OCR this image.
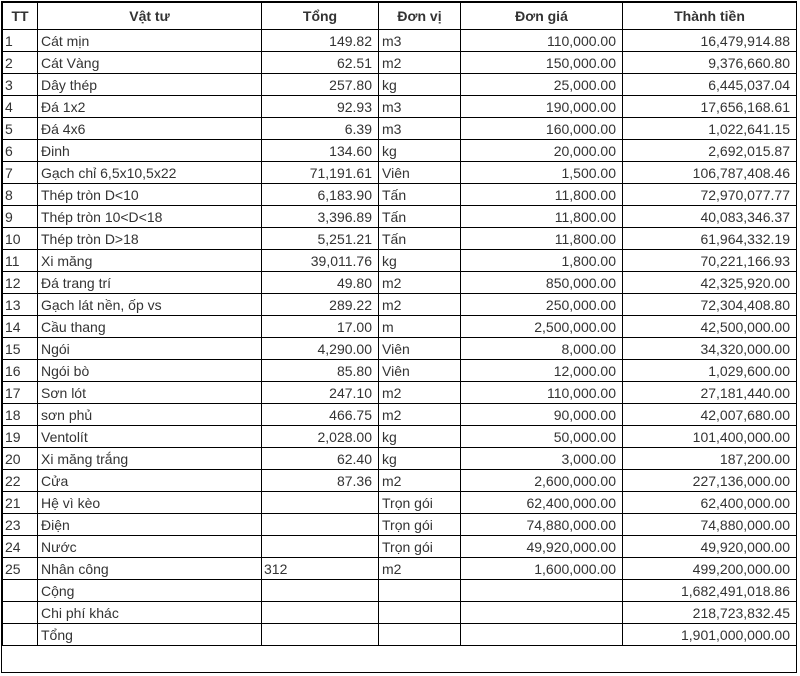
TT	Vật tư	Tổng	Đơn vị	Đơn giá	Thành tiền
1	Cát mịn	149.82	m3	110,000.00	16,479,914.88
2	Cát Vàng	62.51	m2	150,000.00	9,376,660.80
3	Dây thép	257.80	kg	25,000.00	6,445,037.04
4	Đá 1x2	92.93	m3	190,000.00	17,656,168.61
5	Đá 4x6	6.39	m3	160,000.00	1,022,641.15
6	Đinh	134.60	kg	20,000.00	2,692,015.87
7	Gạch chỉ 6,5x10,5x22	71,191.61	Viên	1,500.00	106,787,408.46
8	Thép tròn D<10	6,183.90	Tấn	11,800.00	72,970,077.77
9	Thép tròn 10<D<18	3,396.89	Tấn	11,800.00	40,083,346.37
10	Thép tròn D>18	5,251.21	Tấn	11,800.00	61,964,332.19
11	Xi măng	39,011.76	kg	1,800.00	70,221,166.93
12	Đá trang trí	49.80	m2	850,000.00	42,325,920.00
13	Gạch lát nền, ốp vs	289.22	m2	250,000.00	72,304,408.80
14	Cầu thang	17.00	m	2,500,000.00	42,500,000.00
15	Ngói	4,290.00	Viên	8,000.00	34,320,000.00
16	Ngói bò	85.80	Viên	12,000.00	1,029,600.00
17	Sơn lót	247.10	m2	110,000.00	27,181,440.00
18	sơn phủ	466.75	m2	90,000.00	42,007,680.00
19	Ventolít	2,028.00	kg	50,000.00	101,400,000.00
20	Xi măng trắng	62.40	kg	3,000.00	187,200.00
22	Cửa	87.36	m2	2,600,000.00	227,136,000.00
21	Hệ vì kèo		Trọn gói	62,400,000.00	62,400,000.00
23	Điện		Trọn gói	74,880,000.00	74,880,000.00
24	Nước		Trọn gói	49,920,000.00	49,920,000.00
25	Nhân công	312	m2	1,600,000.00	499,200,000.00
	Cộng				1,682,491,018.86
	Chi phí khác				218,723,832.45
	Tổng				1,901,000,000.00
